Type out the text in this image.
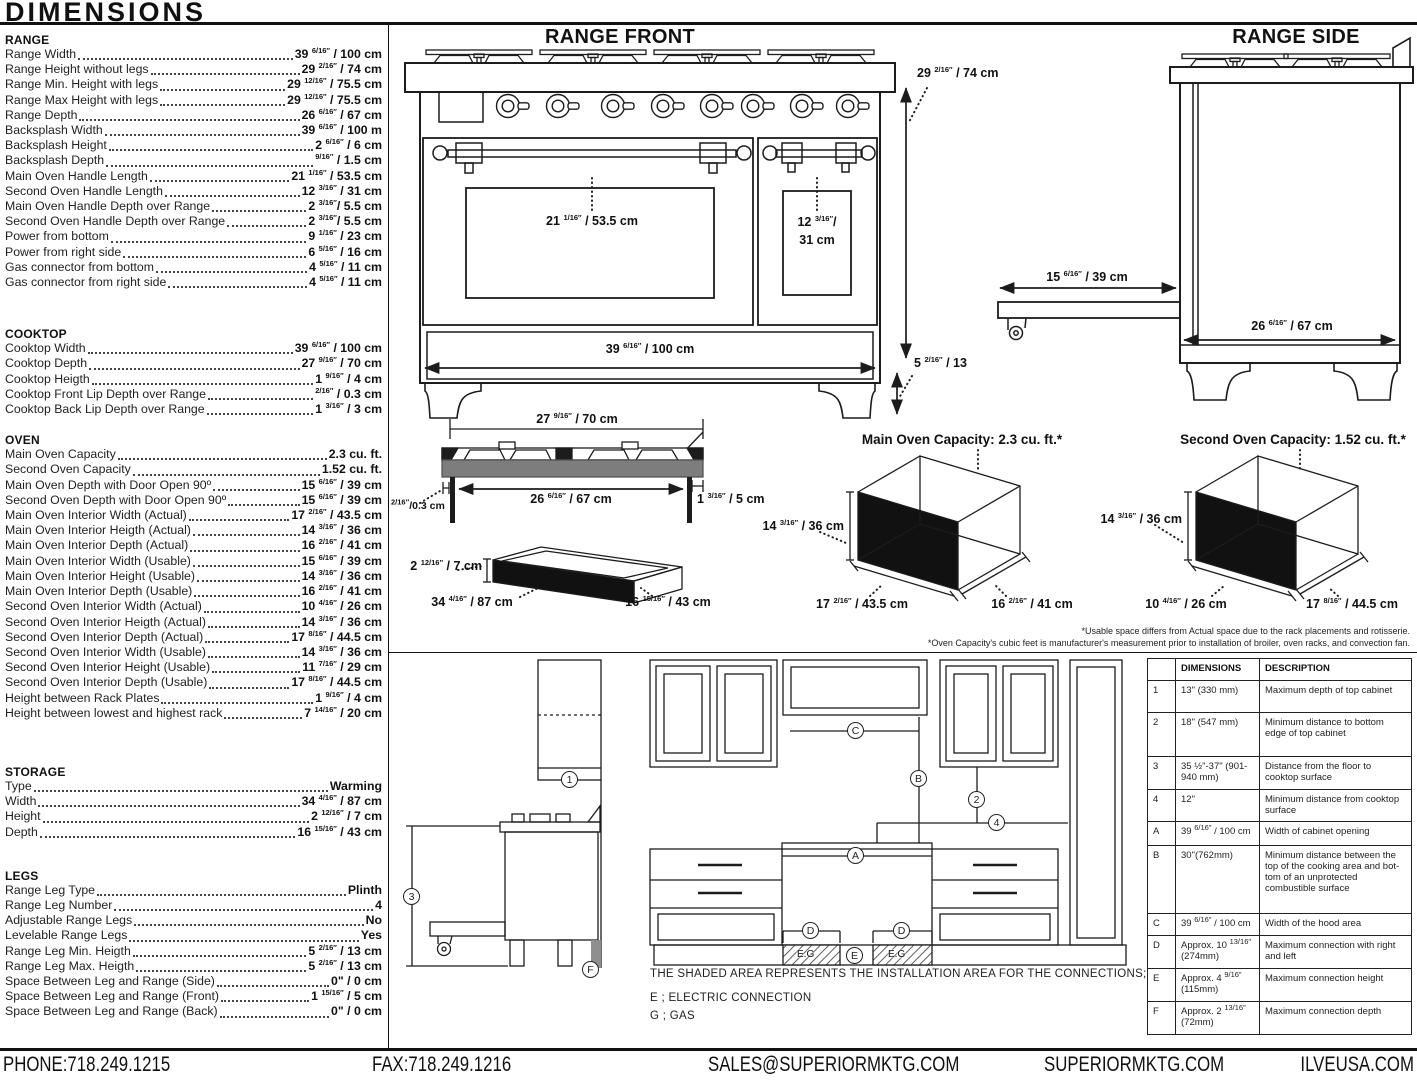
DIMENSIONS
RANGE
Range Width	39 $^{6/16''}$ / 100 cm
Range Height without legs	29 $^{2/16''}$ / 74 cm
Range Min. Height with legs	29 $^{12/16''}$ / 75.5 cm
Range Max Height with legs	29 $^{12/16''}$ / 75.5 cm
Range Depth	26 $^{6/16''}$ / 67 cm
Backsplash Width	39 $^{6/16''}$ / 100 m
Backsplash Height	2 $^{6/16''}$ / 6 cm
Backsplash Depth	$^{9/16''}$ / 1.5 cm
Main Oven Handle Length	21 $^{1/16''}$ / 53.5 cm
Second Oven Handle Length	12 $^{3/16''}$ / 31 cm
Main Oven Handle Depth over Range	2 $^{3/16''}$/ 5.5 cm
Second Oven Handle Depth over Range	2 $^{3/16''}$/ 5.5 cm
Power from bottom	9 $^{1/16''}$ / 23 cm
Power from right side	6 $^{5/16''}$ / 16 cm
Gas connector from bottom	4 $^{5/16''}$ / 11 cm
Gas connector from right side	4 $^{5/16''}$ / 11 cm
COOKTOP
Cooktop Width	39 $^{6/16''}$ / 100 cm
Cooktop Depth	27 $^{9/16''}$ / 70 cm
Cooktop Heigth	1 $^{9/16''}$ / 4 cm
Cooktop Front Lip Depth over Range	$^{2/16''}$ / 0.3 cm
Cooktop Back Lip Depth over Range	1 $^{3/16''}$ / 3 cm
OVEN
Main Oven Capacity	2.3 cu. ft.
Second Oven Capacity	1.52 cu. ft.
Main Oven Depth with Door Open 90º	15 $^{6/16''}$ / 39 cm
Second Oven Depth with Door Open 90º	15 $^{6/16''}$ / 39 cm
Main Oven Interior Width (Actual)	17 $^{2/16''}$ / 43.5 cm
Main Oven Interior Heigth (Actual)	14 $^{3/16''}$ / 36 cm
Main Oven Interior Depth (Actual)	16 $^{2/16''}$ / 41 cm
Main Oven Interior Width (Usable)	15 $^{6/16''}$ / 39 cm
Main Oven Interior Height (Usable)	14 $^{3/16''}$ / 36 cm
Main Oven Interior Depth (Usable)	16 $^{2/16''}$ / 41 cm
Second Oven Interior Width (Actual)	10 $^{4/16''}$ / 26 cm
Second Oven Interior Heigth (Actual)	14 $^{3/16''}$ / 36 cm
Second Oven Interior Depth (Actual)	17 $^{8/16''}$ / 44.5 cm
Second Oven Interior Width (Usable)	14 $^{3/16''}$ / 36 cm
Second Oven Interior Height (Usable)	11 $^{7/16''}$ / 29 cm
Second Oven Interior Depth (Usable)	17 $^{8/16''}$ / 44.5 cm
Height between Rack Plates	1 $^{9/16''}$ / 4 cm
Height between lowest and highest rack	7 $^{14/16''}$ / 20 cm
STORAGE
Type	Warming
Width	34 $^{4/16''}$ / 87 cm
Height	2 $^{12/16''}$ / 7 cm
Depth	16 $^{15/16''}$ / 43 cm
LEGS
Range Leg Type	Plinth
Range Leg Number	4
Adjustable Range Legs	No
Levelable Range Legs	Yes
Range Leg Min. Heigth	5 $^{2/16''}$ / 13 cm
Range Leg Max. Heigth	5 $^{2/16''}$ / 13 cm
Space Between Leg and Range (Side)	0" / 0 cm
Space Between Leg and Range (Front)	1 $^{15/16''}$ / 5 cm
Space Between Leg and Range (Back)	0" / 0 cm
RANGE FRONT	RANGE SIDE
29 $^{2/16''}$ / 74 cm
21 $^{1/16''}$ / 53.5 cm	12 $^{3/16''}$/
31 cm
39 $^{6/16''}$ / 100 cm
5 $^{2/16''}$ / 13
15 $^{6/16''}$ / 39 cm
26 $^{6/16''}$ / 67 cm
27 $^{9/16''}$ / 70 cm
26 $^{6/16''}$ / 67 cm	1 $^{3/16''}$ / 5 cm
$^{2/16''}$/0.3 cm
2 $^{12/16''}$ / 7 cm
34 $^{4/16''}$ / 87 cm	16 $^{15/16''}$ / 43 cm
Main Oven Capacity: 2.3 cu. ft.*
14 $^{3/16''}$ / 36 cm
17 $^{2/16''}$ / 43.5 cm	16 $^{2/16''}$ / 41 cm
Second Oven Capacity: 1.52 cu. ft.*
14 $^{3/16''}$ / 36 cm
10 $^{4/16''}$ / 26 cm	17 $^{8/16''}$ / 44.5 cm
*Usable space differs from Actual space due to the rack placements and rotisserie.
*Oven Capacity's cubic feet is manufacturer's measurement prior to installation of broiler, oven racks, and convection fan.
1
3
F
C
B
2
4
A
D	D
E
E.G	E.G
THE SHADED AREA REPRESENTS THE INSTALLATION AREA FOR THE CONNECTIONS;
E ; ELECTRIC CONNECTION
G ; GAS
	DIMENSIONS	DESCRIPTION
1	13" (330 mm)	Maximum depth of top cabinet
2	18" (547 mm)	Minimum distance to bottom edge of top cabinet
3	35 ½"-37" (901-940 mm)	Distance from the floor to cooktop surface
4	12"	Minimum distance from cooktop surface
A	39 $^{6/16''}$ / 100 cm	Width of cabinet opening
B	30"(762mm)	Minimum distance between the top of the cooking area and bot-tom of an unprotected combustible surface
C	39 $^{6/16''}$ / 100 cm	Width of the hood area
D	Approx. 10 $^{13/16''}$ (274mm)	Maximum connection with right and left
E	Approx. 4 $^{9/16''}$ (115mm)	Maximum connection height
F	Approx. 2 $^{13/16''}$ (72mm)	Maximum connection depth
PHONE:718.249.1215	FAX:718.249.1216	SALES@SUPERIORMKTG.COM	SUPERIORMKTG.COM	ILVEUSA.COM
